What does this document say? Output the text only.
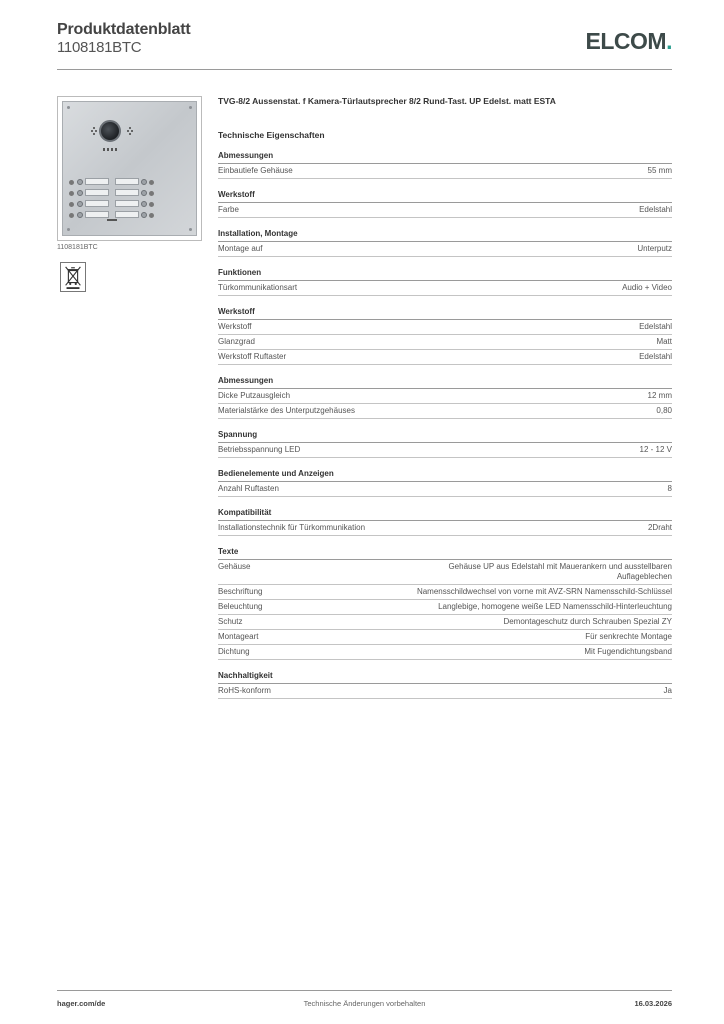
Produktdatenblatt
1108181BTC	ELCOM.
1108181BTC
TVG-8/2 Aussenstat. f Kamera-Türlautsprecher 8/2 Rund-Tast. UP Edelst. matt ESTA
Technische Eigenschaften
Abmessungen
Einbautiefe Gehäuse	55 mm
Werkstoff
Farbe	Edelstahl
Installation, Montage
Montage auf	Unterputz
Funktionen
Türkommunikationsart	Audio + Video
Werkstoff
Werkstoff	Edelstahl
Glanzgrad	Matt
Werkstoff Ruftaster	Edelstahl
Abmessungen
Dicke Putzausgleich	12 mm
Materialstärke des Unterputzgehäuses	0,80
Spannung
Betriebsspannung LED	12 - 12 V
Bedienelemente und Anzeigen
Anzahl Ruftasten	8
Kompatibilität
Installationstechnik für Türkommunikation	2Draht
Texte
Gehäuse	Gehäuse UP aus Edelstahl mit Mauerankern und ausstellbaren Auflageblechen
Beschriftung	Namensschildwechsel von vorne mit AVZ-SRN Namensschild-Schlüssel
Beleuchtung	Langlebige, homogene weiße LED Namensschild-Hinterleuchtung
Schutz	Demontageschutz durch Schrauben Spezial ZY
Montageart	Für senkrechte Montage
Dichtung	Mit Fugendichtungsband
Nachhaltigkeit
RoHS-konform	Ja
hager.com/de	Technische Änderungen vorbehalten	16.03.2026
